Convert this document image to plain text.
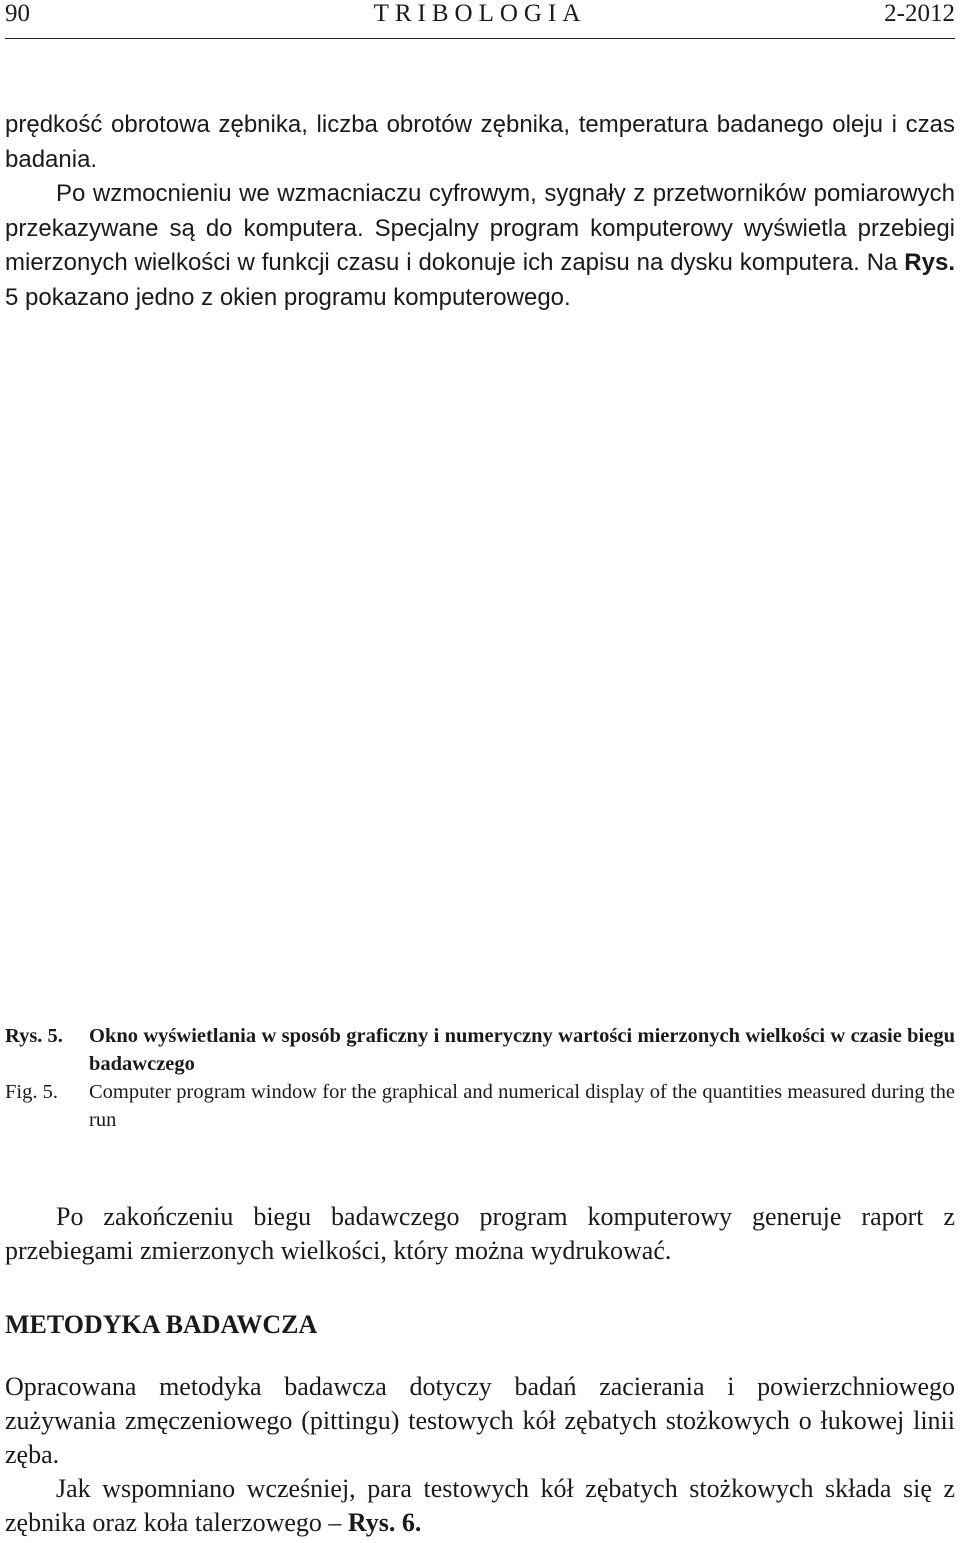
90	TRIBOLOGIA	2-2012

prędkość obrotowa zębnika, liczba obrotów zębnika, temperatura badanego oleju i czas badania.

Po wzmocnieniu we wzmacniaczu cyfrowym, sygnały z przetworników pomiarowych przekazywane są do komputera. Specjalny program komputerowy wyświetla przebiegi mierzonych wielkości w funkcji czasu i dokonuje ich zapisu na dysku komputera. Na Rys. 5 pokazano jedno z okien programu komputerowego.

Rys. 5.	Okno wyświetlania w sposób graficzny i numeryczny wartości mierzonych wielkości w czasie biegu badawczego
Fig. 5.	Computer program window for the graphical and numerical display of the quantities measured during the run

Po zakończeniu biegu badawczego program komputerowy generuje raport z przebiegami zmierzonych wielkości, który można wydrukować.

METODYKA BADAWCZA

Opracowana metodyka badawcza dotyczy badań zacierania i powierzchniowego zużywania zmęczeniowego (pittingu) testowych kół zębatych stożkowych o łukowej linii zęba.

Jak wspomniano wcześniej, para testowych kół zębatych stożkowych składa się z zębnika oraz koła talerzowego – Rys. 6.
